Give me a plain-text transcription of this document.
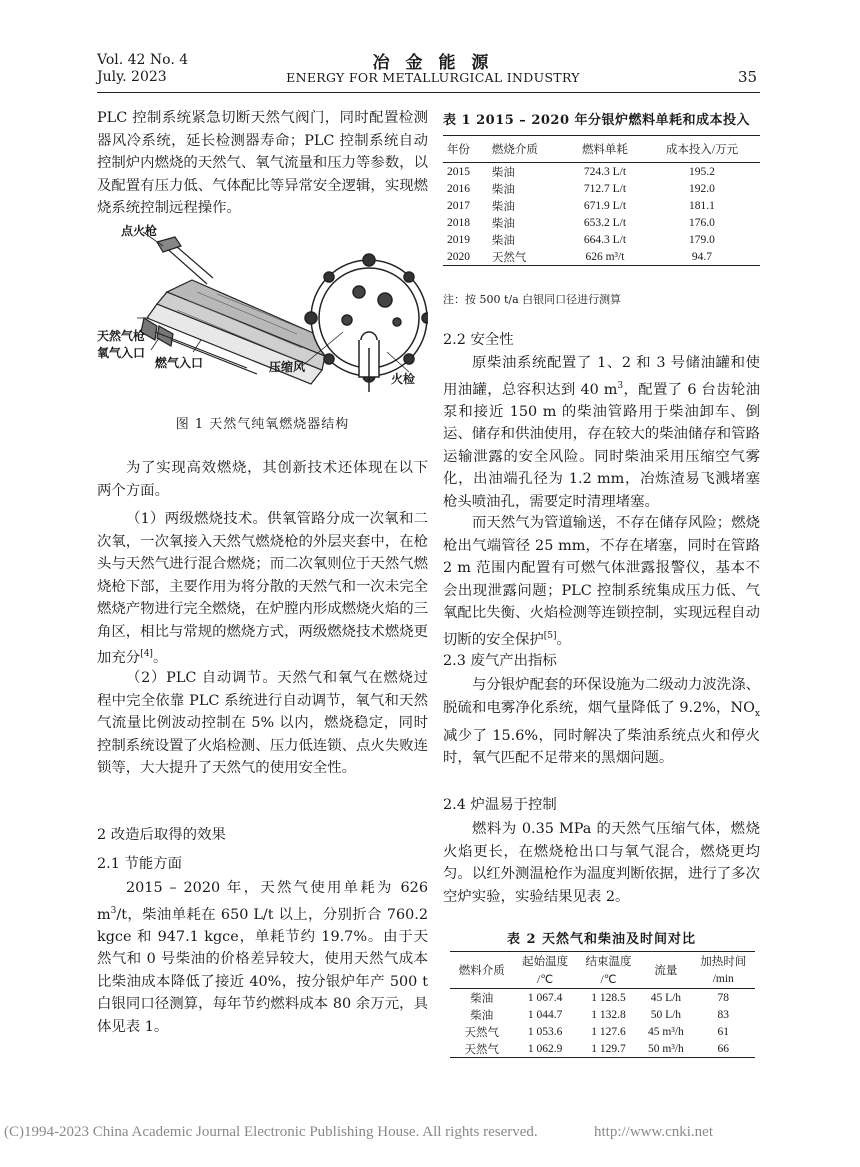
Vol. 42 No. 4
July. 2023
冶 金 能 源
ENERGY FOR METALLURGICAL INDUSTRY	35

PLC 控制系统紧急切断天然气阀门，同时配置检测器风冷系统，延长检测器寿命；PLC 控制系统自动控制炉内燃烧的天然气、氧气流量和压力等参数，以及配置有压力低、气体配比等异常安全逻辑，实现燃烧系统控制远程操作。

点火枪
天然气枪
氧气入口
燃气入口	压缩风
火检
图 1 天然气纯氧燃烧器结构

为了实现高效燃烧，其创新技术还体现在以下两个方面。

（1）两级燃烧技术。供氧管路分成一次氧和二次氧，一次氧接入天然气燃烧枪的外层夹套中，在枪头与天然气进行混合燃烧；而二次氧则位于天然气燃烧枪下部，主要作用为将分散的天然气和一次未完全燃烧产物进行完全燃烧，在炉膛内形成燃烧火焰的三角区，相比与常规的燃烧方式，两级燃烧技术燃烧更加充分[4]。

（2）PLC 自动调节。天然气和氧气在燃烧过程中完全依靠 PLC 系统进行自动调节，氧气和天然气流量比例波动控制在 5% 以内，燃烧稳定，同时控制系统设置了火焰检测、压力低连锁、点火失败连锁等，大大提升了天然气的使用安全性。

2 改造后取得的效果
2.1 节能方面

2015 – 2020 年，天然气使用单耗为 626 $m^3/t$，柴油单耗在 650 L/t 以上，分别折合 760.2 kgce 和 947.1 kgce，单耗节约 19.7%。由于天然气和 0 号柴油的价格差异较大，使用天然气成本比柴油成本降低了接近 40%，按分银炉年产 500 t 白银同口径测算，每年节约燃料成本 80 余万元，具体见表 1。

表 1 2015 – 2020 年分银炉燃料单耗和成本投入
年份	燃烧介质	燃料单耗	成本投入/万元
2015	柴油	724.3 L/t	195.2
2016	柴油	712.7 L/t	192.0
2017	柴油	671.9 L/t	181.1
2018	柴油	653.2 L/t	176.0
2019	柴油	664.3 L/t	179.0
2020	天然气	626 m³/t	94.7
注：按 500 t/a 白银同口径进行测算
2.2 安全性

原柴油系统配置了 1、2 和 3 号储油罐和使用油罐，总容积达到 40 $m^3$，配置了 6 台齿轮油泵和接近 150 m 的柴油管路用于柴油卸车、倒运、储存和供油使用，存在较大的柴油储存和管路运输泄露的安全风险。同时柴油采用压缩空气雾化，出油端孔径为 1.2 mm，冶炼渣易飞溅堵塞枪头喷油孔，需要定时清理堵塞。

而天然气为管道输送，不存在储存风险；燃烧枪出气端管径 25 mm，不存在堵塞，同时在管路 2 m 范围内配置有可燃气体泄露报警仪，基本不会出现泄露问题；PLC 控制系统集成压力低、气氧配比失衡、火焰检测等连锁控制，实现远程自动切断的安全保护[5]。

2.3 废气产出指标

与分银炉配套的环保设施为二级动力波洗涤、脱硫和电雾净化系统，烟气量降低了 9.2%，$NO_x$ 减少了 15.6%，同时解决了柴油系统点火和停火时，氧气匹配不足带来的黑烟问题。

2.4 炉温易于控制

燃料为 0.35 MPa 的天然气压缩气体，燃烧火焰更长，在燃烧枪出口与氧气混合，燃烧更均匀。以红外测温枪作为温度判断依据，进行了多次空炉实验，实验结果见表 2。

表 2 天然气和柴油及时间对比
燃料介质	起始温度	结束温度	流量	加热时间
	/℃	/℃		/min
柴油	1 067.4	1 128.5	45 L/h	78
柴油	1 044.7	1 132.8	50 L/h	83
天然气	1 053.6	1 127.6	45 m³/h	61
天然气	1 062.9	1 129.7	50 m³/h	66
(C)1994-2023 China Academic Journal Electronic Publishing House. All rights reserved.	http://www.cnki.net
